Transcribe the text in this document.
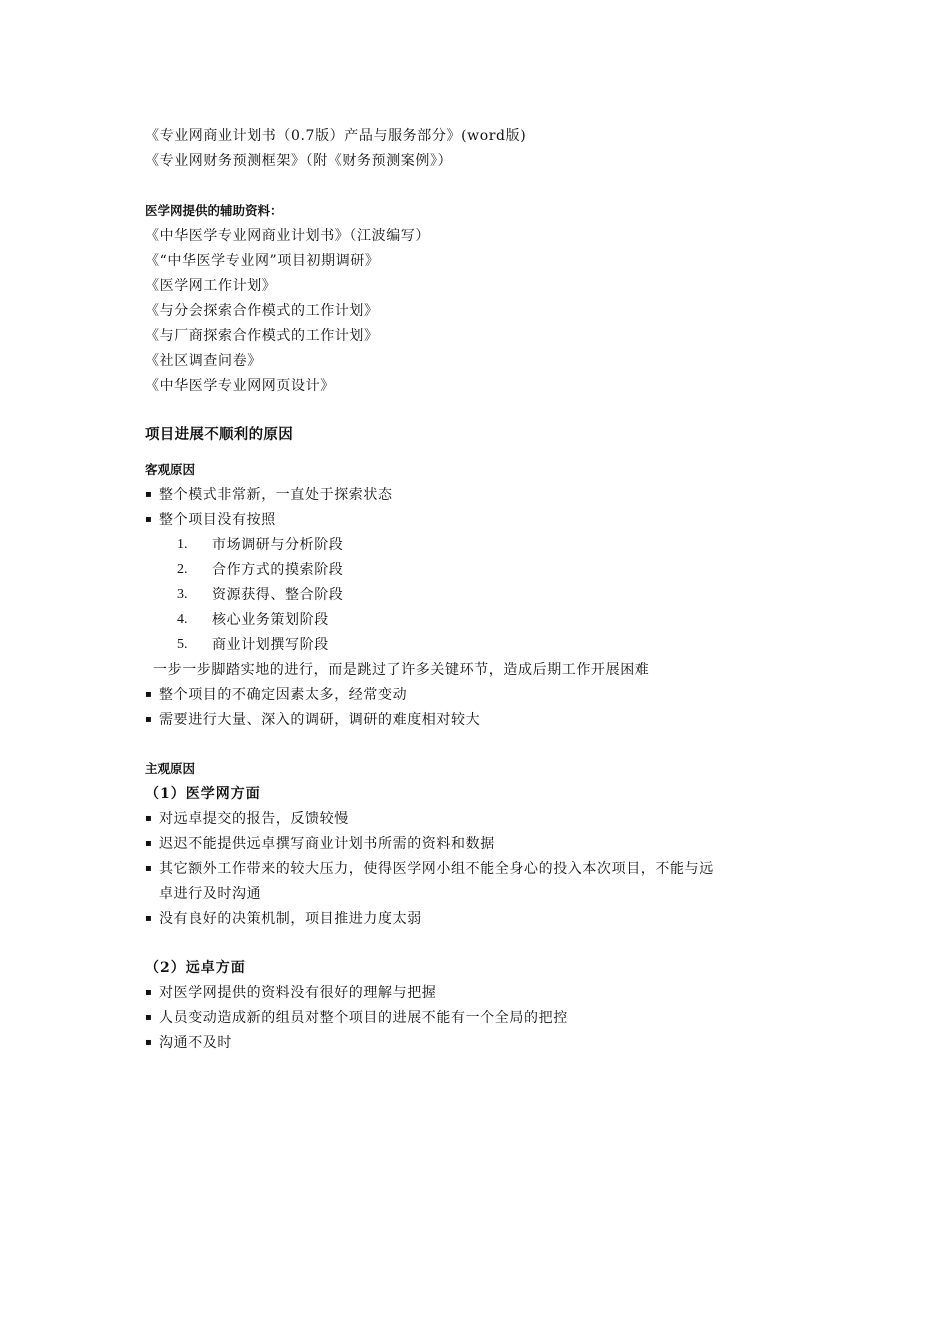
《专业网商业计划书（0.7版）产品与服务部分》(word版)
《专业网财务预测框架》（附《财务预测案例》）
医学网提供的辅助资料：
《中华医学专业网商业计划书》（江波编写）
《“中华医学专业网”项目初期调研》
《医学网工作计划》
《与分会探索合作模式的工作计划》
《与厂商探索合作模式的工作计划》
《社区调查问卷》
《中华医学专业网网页设计》
项目进展不顺利的原因
客观原因
▪ 整个模式非常新，一直处于探索状态
▪ 整个项目没有按照
1.	市场调研与分析阶段
2.	合作方式的摸索阶段
3.	资源获得、整合阶段
4.	核心业务策划阶段
5.	商业计划撰写阶段
一步一步脚踏实地的进行，而是跳过了许多关键环节，造成后期工作开展困难
▪ 整个项目的不确定因素太多，经常变动
▪ 需要进行大量、深入的调研，调研的难度相对较大
主观原因
（1）医学网方面
▪ 对远卓提交的报告，反馈较慢
▪ 迟迟不能提供远卓撰写商业计划书所需的资料和数据
▪ 其它额外工作带来的较大压力，使得医学网小组不能全身心的投入本次项目，不能与远
卓进行及时沟通
▪ 没有良好的决策机制，项目推进力度太弱
（2）远卓方面
▪ 对医学网提供的资料没有很好的理解与把握
▪ 人员变动造成新的组员对整个项目的进展不能有一个全局的把控
▪ 沟通不及时
